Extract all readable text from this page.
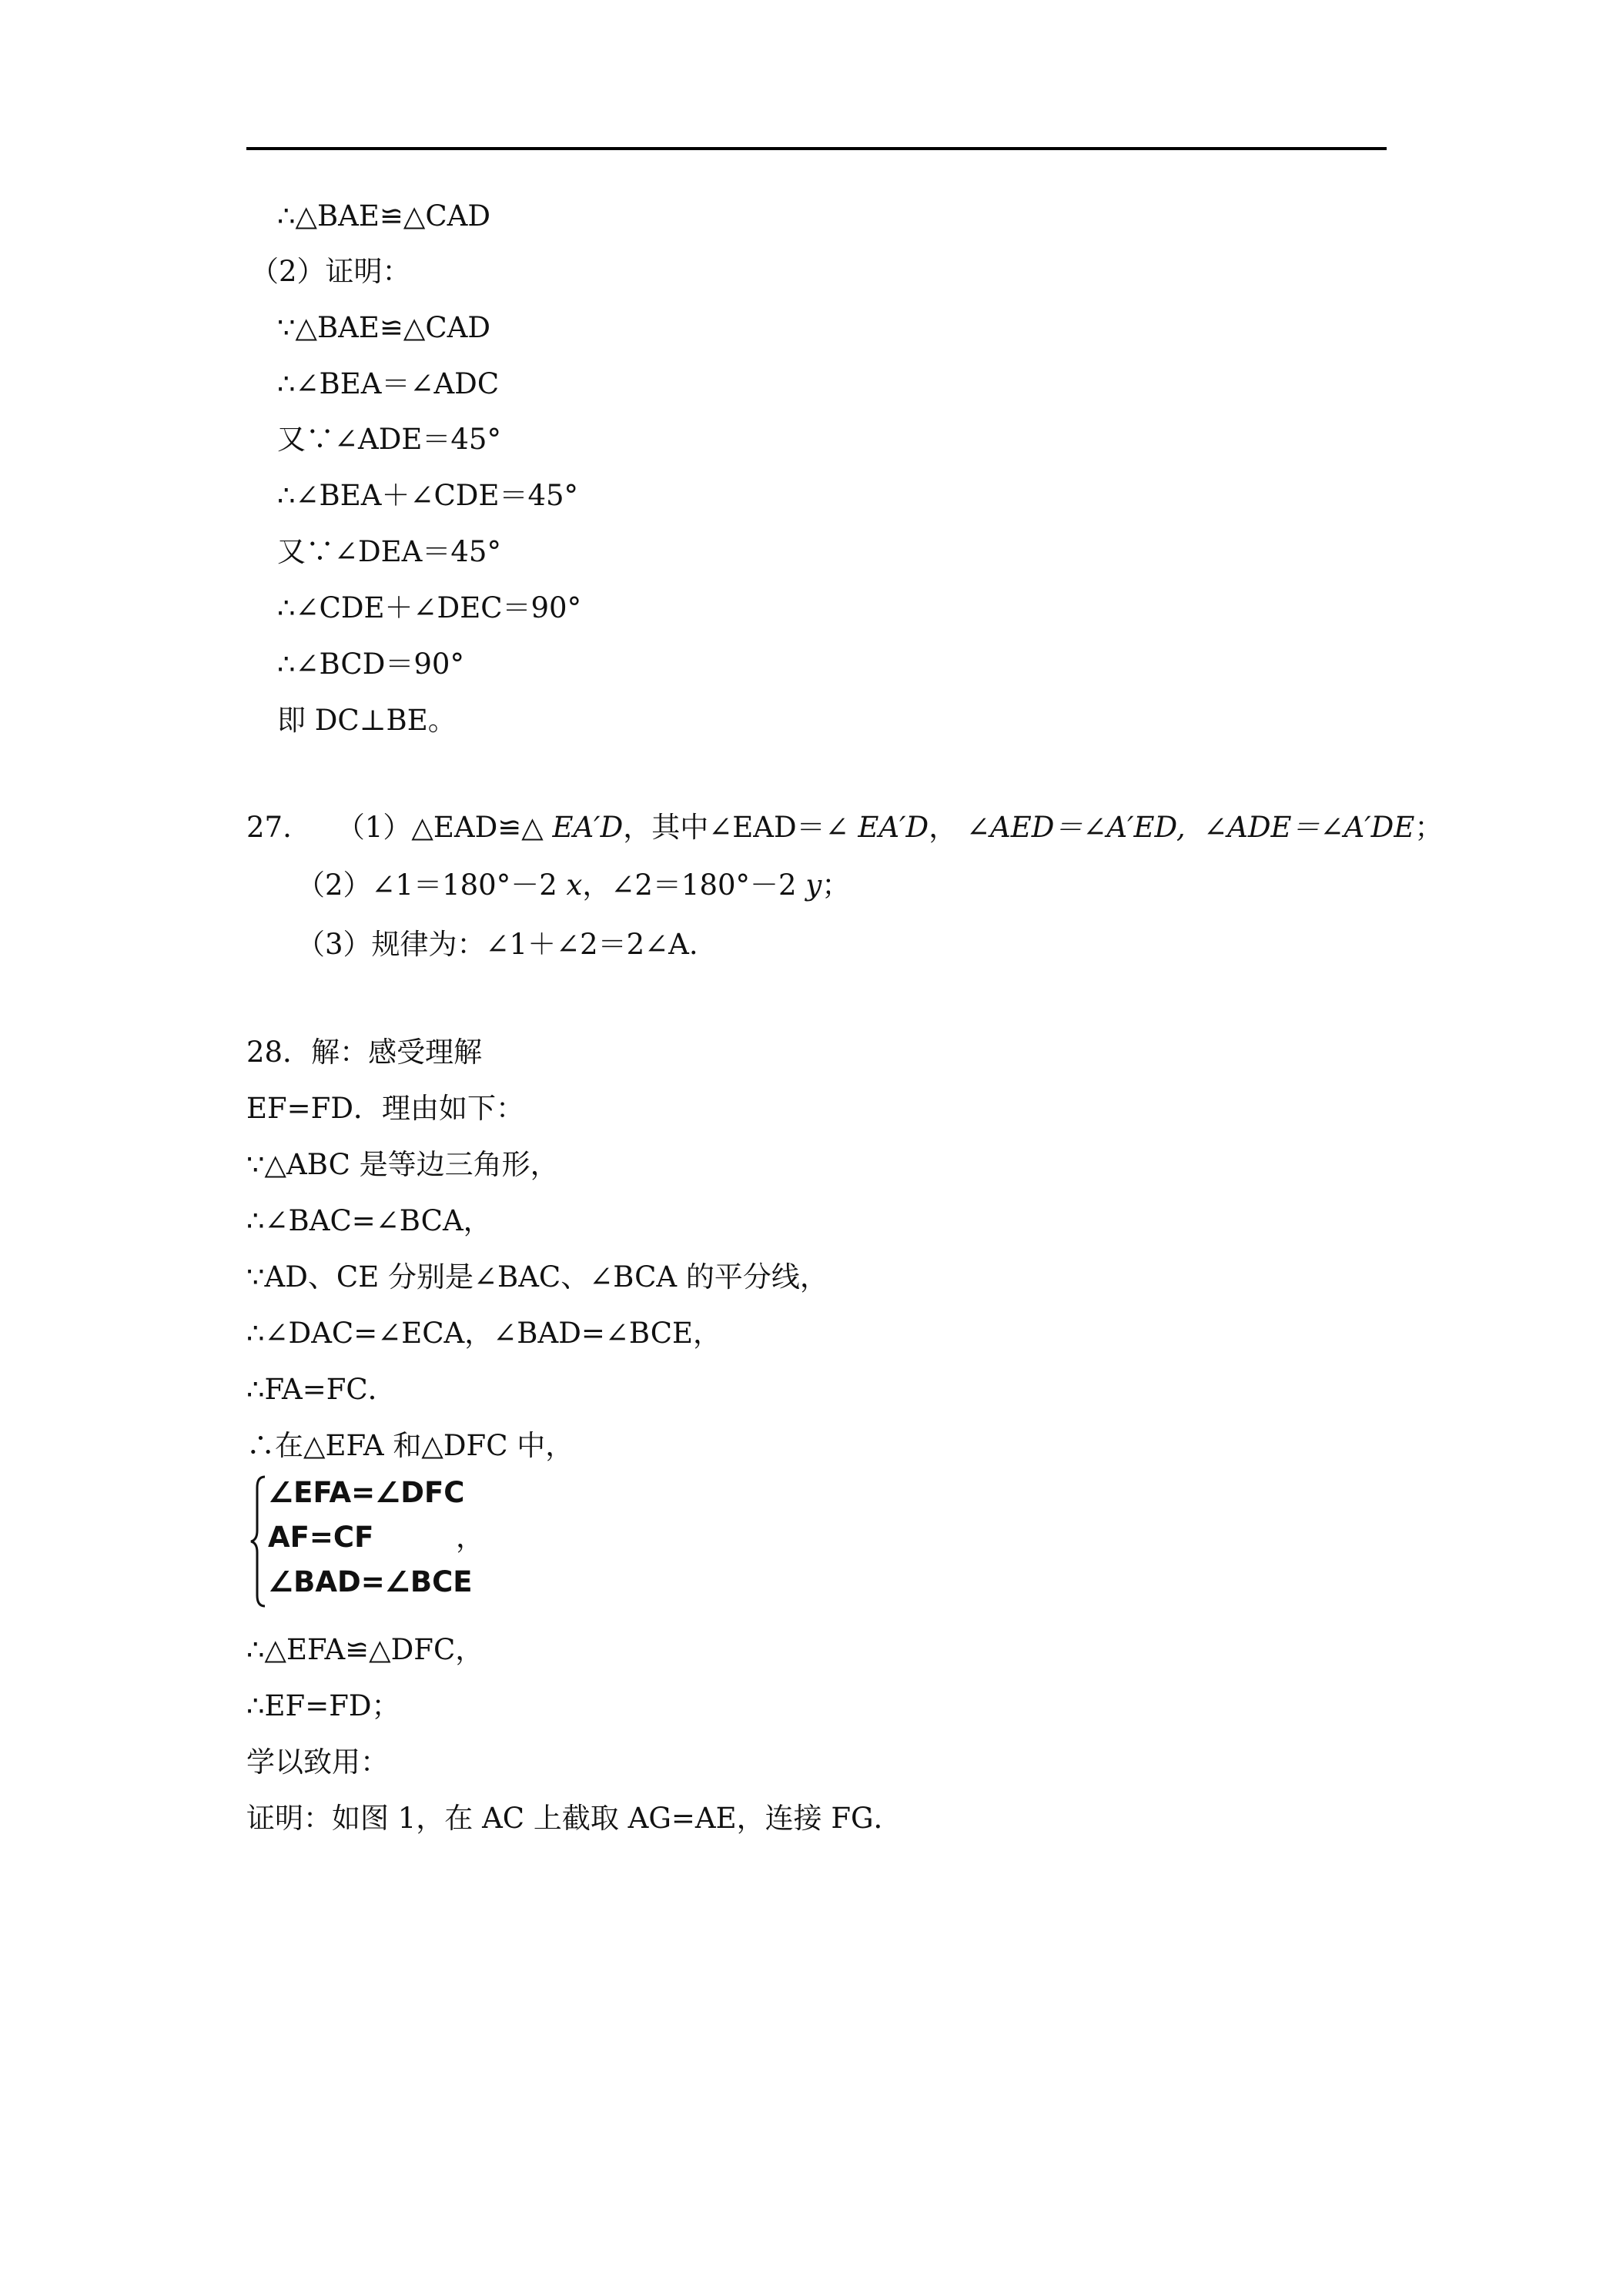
∴△BAE≌△CAD
（2）证明：
∵△BAE≌△CAD
∴∠BEA＝∠ADC
又∵∠ADE＝45°
∴∠BEA＋∠CDE＝45°
又∵∠DEA＝45°
∴∠CDE＋∠DEC＝90°
∴∠BCD＝90°
即 DC⊥BE。
27. （1）△EAD≌△ EA′D，其中∠EAD＝∠ EA′D， ∠AED＝∠A′ED,  ∠ADE＝∠A′DE；
（2）∠1＝180°－2 x，∠2＝180°－2 y；
（3）规律为：∠1＋∠2＝2∠A.
28．解：感受理解
EF=FD．理由如下：
∵△ABC 是等边三角形，
∴∠BAC=∠BCA，
∵AD、CE 分别是∠BAC、∠BCA 的平分线，
∴∠DAC=∠ECA，∠BAD=∠BCE，
∴FA=FC．
∴在△EFA 和△DFC 中，
∠EFA=∠DFC
AF=CF
∠BAD=∠BCE
，
∴△EFA≌△DFC，
∴EF=FD；
学以致用：
证明：如图 1，在 AC 上截取 AG=AE，连接 FG．
